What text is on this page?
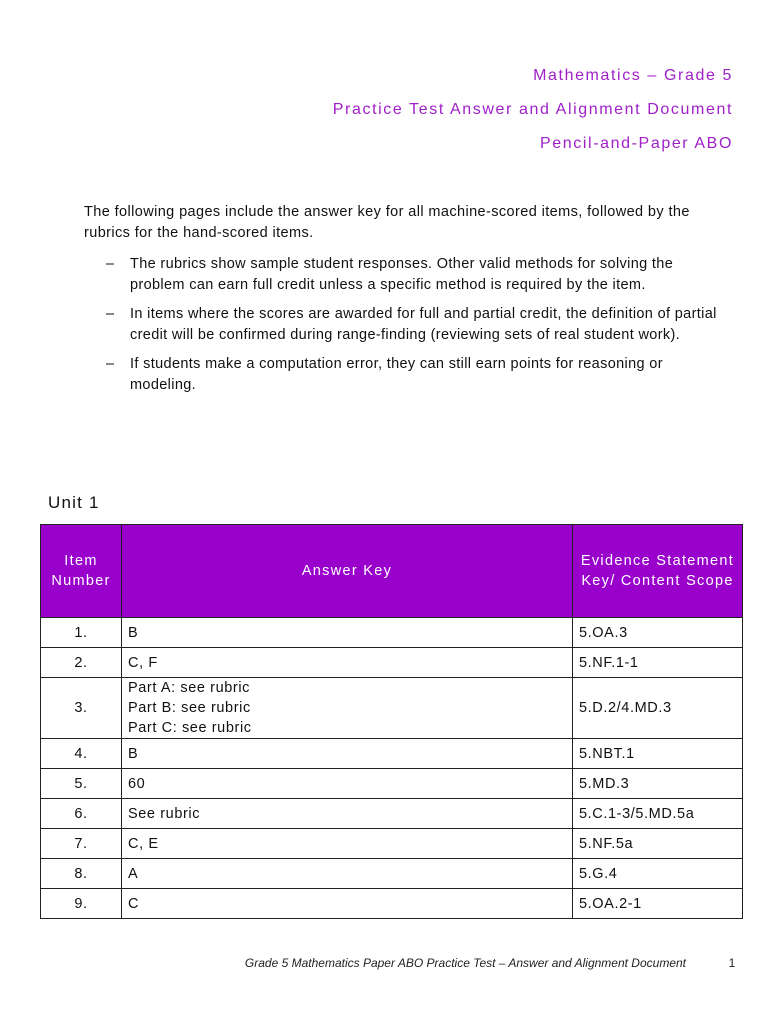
Mathematics – Grade 5
Practice Test Answer and Alignment Document
Pencil-and-Paper ABO

The following pages include the answer key for all machine-scored items, followed by the rubrics for the hand-scored items.

– The rubrics show sample student responses. Other valid methods for solving the problem can earn full credit unless a specific method is required by the item.
– In items where the scores are awarded for full and partial credit, the definition of partial credit will be confirmed during range-finding (reviewing sets of real student work).
– If students make a computation error, they can still earn points for reasoning or modeling.
Unit 1
Item Number	Answer Key	Evidence Statement Key/ Content Scope
1.	B	5.OA.3
2.	C, F	5.NF.1-1
3.	Part A: see rubric
Part B: see rubric
Part C: see rubric	5.D.2/4.MD.3
4.	B	5.NBT.1
5.	60	5.MD.3
6.	See rubric	5.C.1-3/5.MD.5a
7.	C, E	5.NF.5a
8.	A	5.G.4
9.	C	5.OA.2-1
Grade 5 Mathematics Paper ABO Practice Test – Answer and Alignment Document	1
